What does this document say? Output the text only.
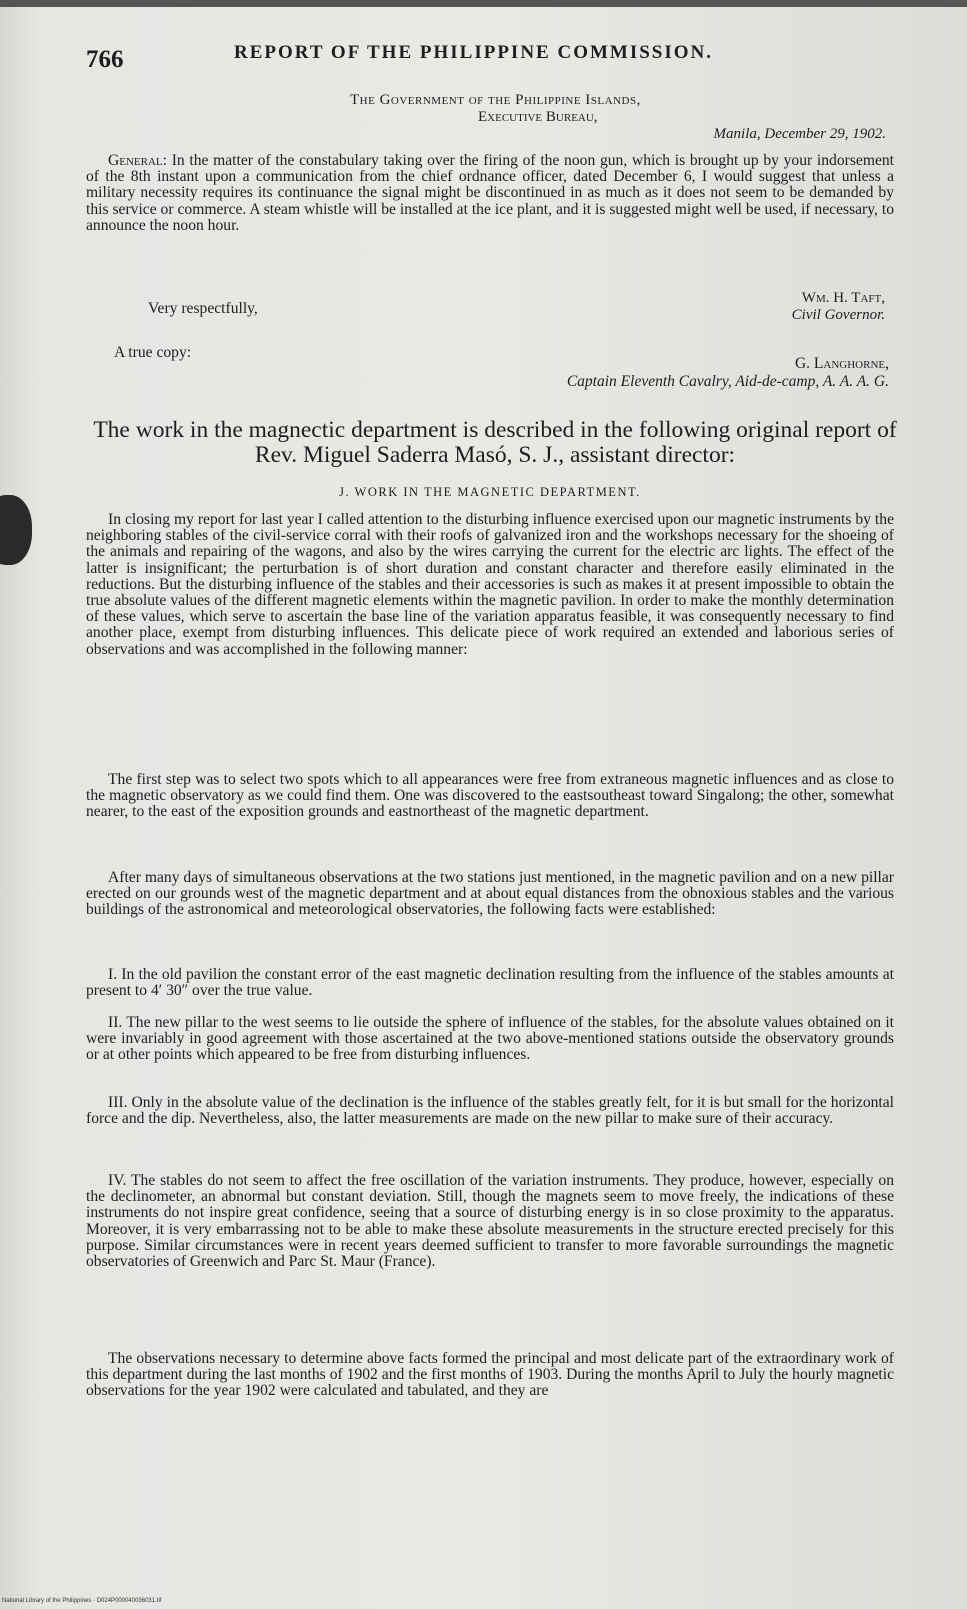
766	REPORT OF THE PHILIPPINE COMMISSION.
The Government of the Philippine Islands,
Executive Bureau,
Manila, December 29, 1902.
General: In the matter of the constabulary taking over the firing of the noon gun, which is brought up by your indorsement of the 8th instant upon a communication from the chief ordnance officer, dated December 6, I would suggest that unless a military necessity requires its continuance the signal might be discontinued in as much as it does not seem to be demanded by this service or commerce. A steam whistle will be installed at the ice plant, and it is suggested might well be used, if necessary, to announce the noon hour.
Very respectfully,
Wm. H. Taft,
Civil Governor.
A true copy:
G. Langhorne,
Captain Eleventh Cavalry, Aid-de-camp, A. A. A. G.
The work in the magnectic department is described in the following original report of Rev. Miguel Saderra Masó, S. J., assistant director:
J. WORK IN THE MAGNETIC DEPARTMENT.
In closing my report for last year I called attention to the disturbing influence exercised upon our magnetic instruments by the neighboring stables of the civil-service corral with their roofs of galvanized iron and the workshops necessary for the shoeing of the animals and repairing of the wagons, and also by the wires carrying the current for the electric arc lights. The effect of the latter is insignificant; the perturbation is of short duration and constant character and therefore easily eliminated in the reductions. But the disturbing influence of the stables and their accessories is such as makes it at present impossible to obtain the true absolute values of the different magnetic elements within the magnetic pavilion. In order to make the monthly determination of these values, which serve to ascertain the base line of the variation apparatus feasible, it was consequently necessary to find another place, exempt from disturbing influences. This delicate piece of work required an extended and laborious series of observations and was accomplished in the following manner:
The first step was to select two spots which to all appearances were free from extraneous magnetic influences and as close to the magnetic observatory as we could find them. One was discovered to the eastsoutheast toward Singalong; the other, somewhat nearer, to the east of the exposition grounds and eastnortheast of the magnetic department.
After many days of simultaneous observations at the two stations just mentioned, in the magnetic pavilion and on a new pillar erected on our grounds west of the magnetic department and at about equal distances from the obnoxious stables and the various buildings of the astronomical and meteorological observatories, the following facts were established:
I. In the old pavilion the constant error of the east magnetic declination resulting from the influence of the stables amounts at present to 4′ 30″ over the true value.
II. The new pillar to the west seems to lie outside the sphere of influence of the stables, for the absolute values obtained on it were invariably in good agreement with those ascertained at the two above-mentioned stations outside the observatory grounds or at other points which appeared to be free from disturbing influences.
III. Only in the absolute value of the declination is the influence of the stables greatly felt, for it is but small for the horizontal force and the dip. Nevertheless, also, the latter measurements are made on the new pillar to make sure of their accuracy.
IV. The stables do not seem to affect the free oscillation of the variation instruments. They produce, however, especially on the declinometer, an abnormal but constant deviation. Still, though the magnets seem to move freely, the indications of these instruments do not inspire great confidence, seeing that a source of disturbing energy is in so close proximity to the apparatus. Moreover, it is very embarrassing not to be able to make these absolute measurements in the structure erected precisely for this purpose. Similar circumstances were in recent years deemed sufficient to transfer to more favorable surroundings the magnetic observatories of Greenwich and Parc St. Maur (France).
The observations necessary to determine above facts formed the principal and most delicate part of the extraordinary work of this department during the last months of 1902 and the first months of 1903. During the months April to July the hourly magnetic observations for the year 1902 were calculated and tabulated, and they are
National Library of the Philippines · D024P000040036031.tif
